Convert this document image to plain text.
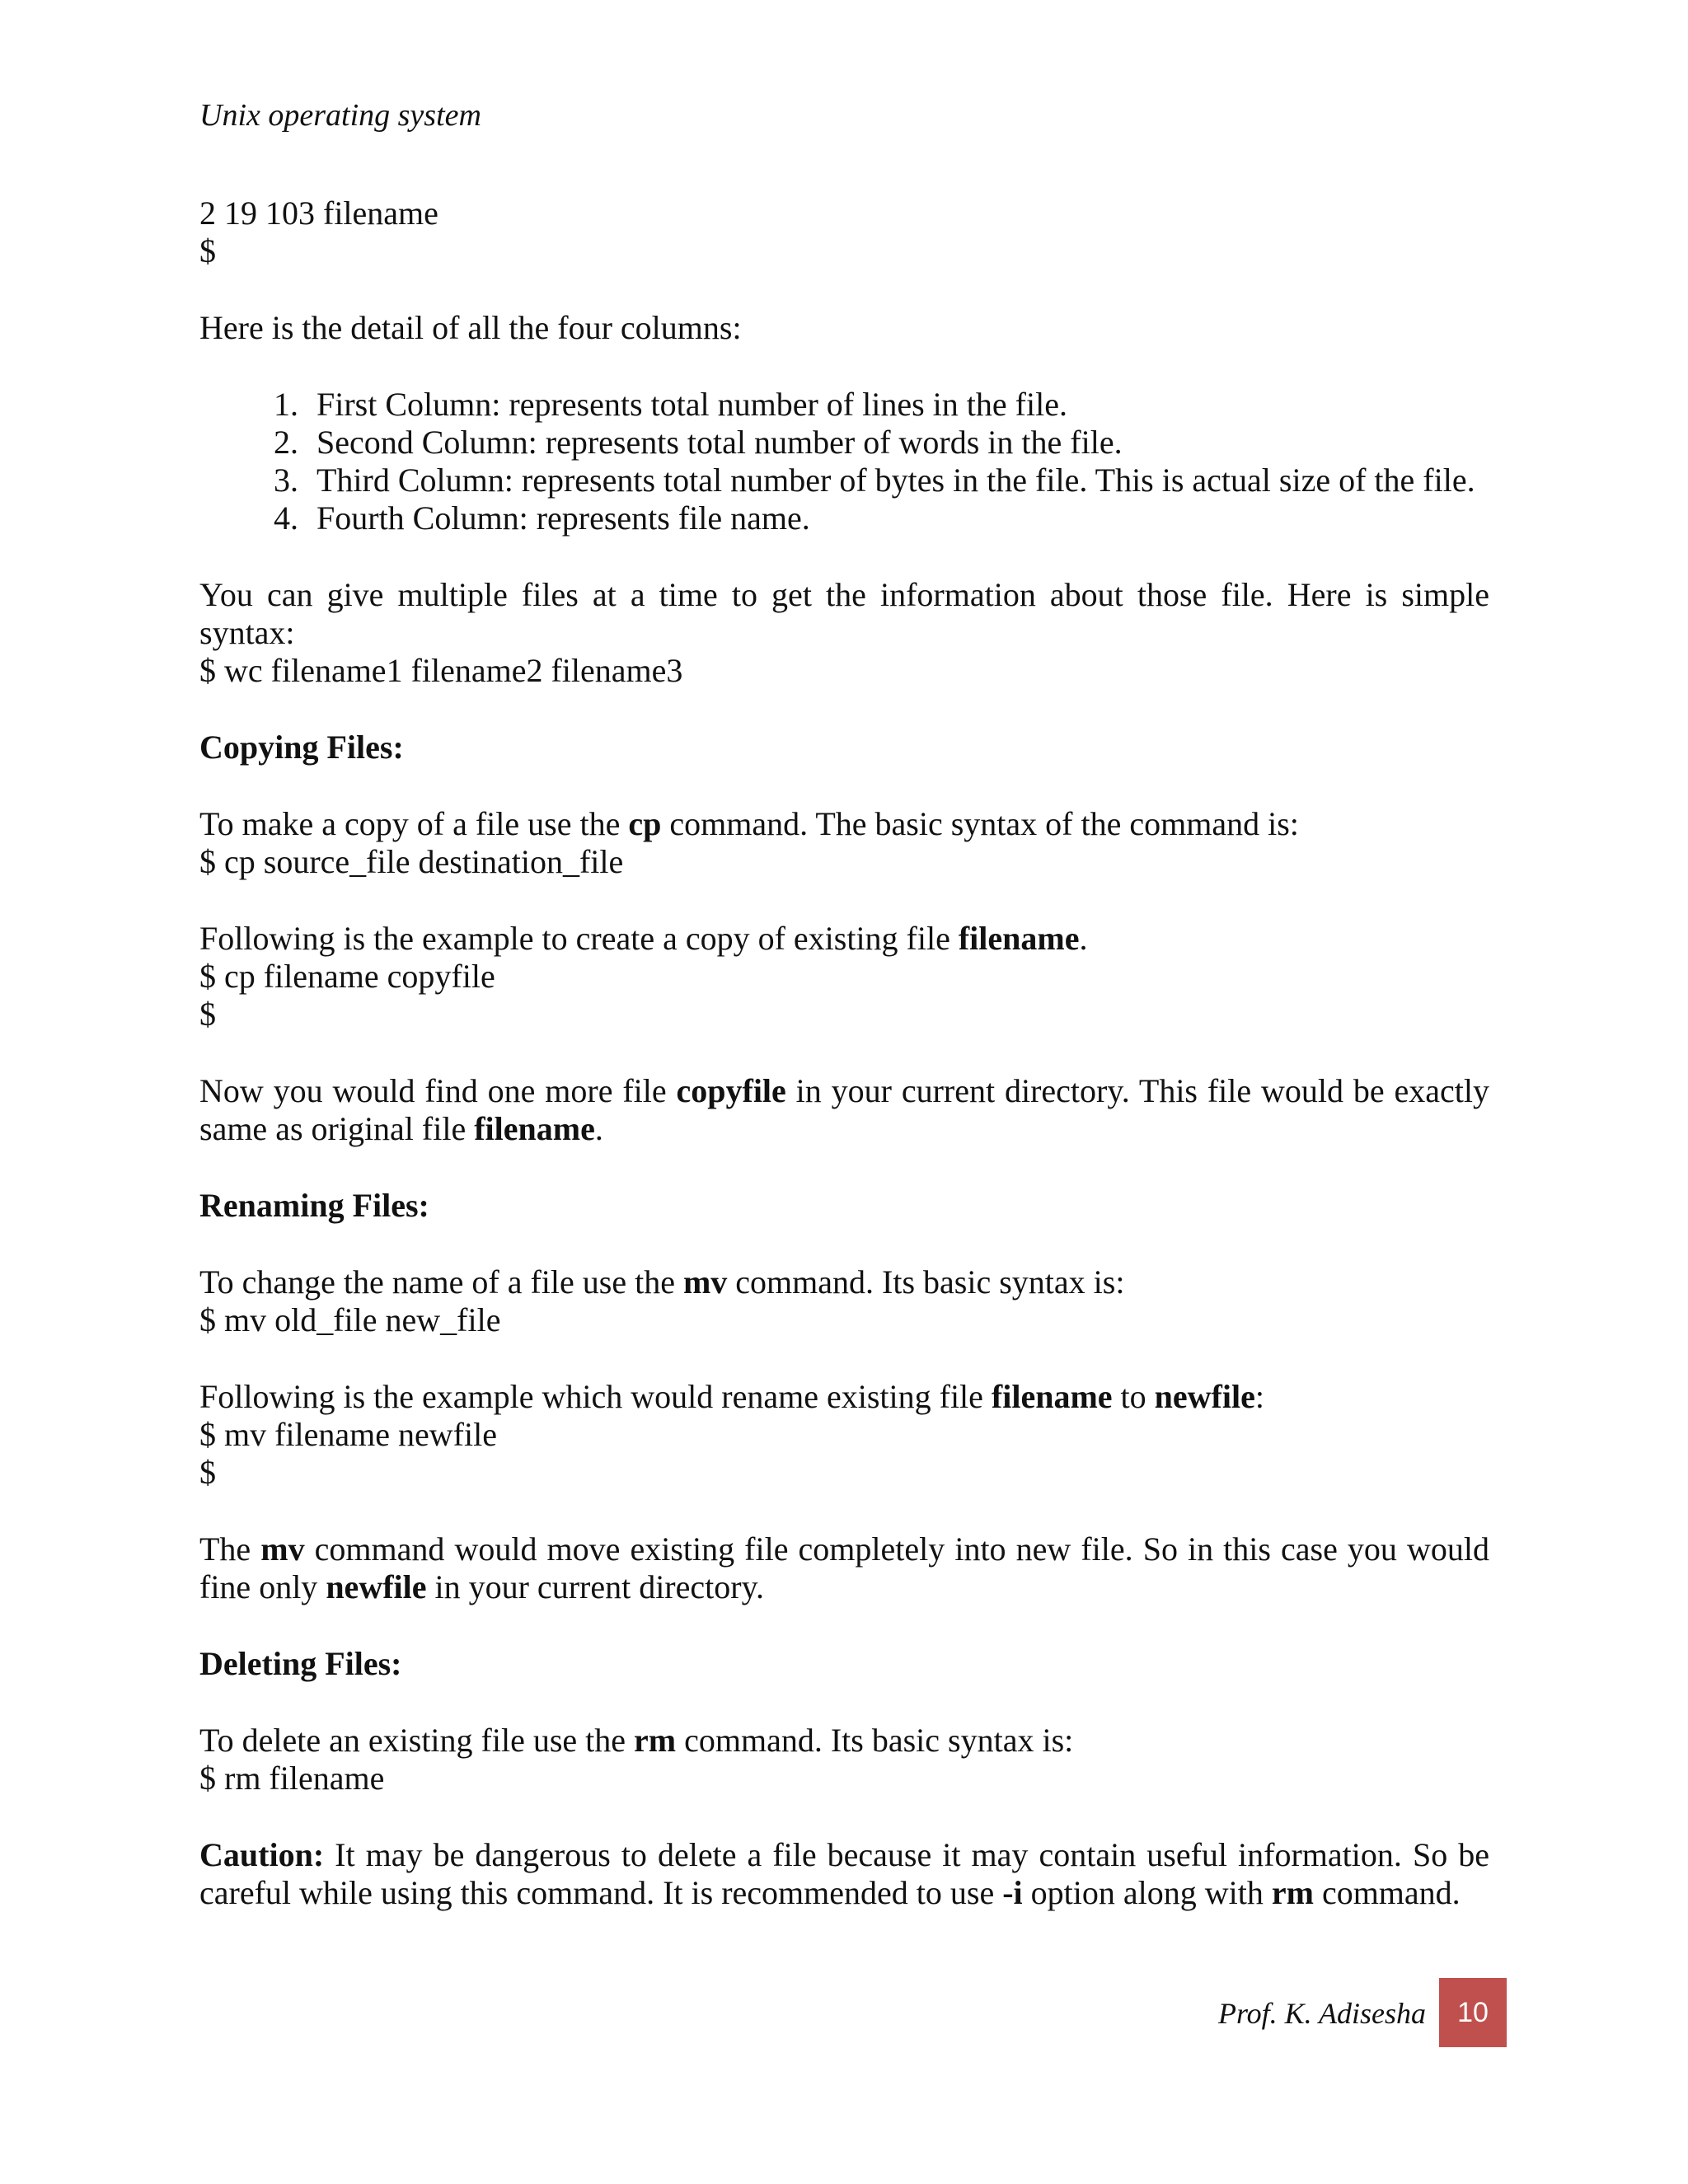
Unix operating system

2 19 103 filename

$

Here is the detail of all the four columns:

1. First Column: represents total number of lines in the file.
2. Second Column: represents total number of words in the file.
3. Third Column: represents total number of bytes in the file. This is actual size of the file.
4. Fourth Column: represents file name.

You can give multiple files at a time to get the information about those file. Here is simple syntax:

$ wc filename1 filename2 filename3

Copying Files:

To make a copy of a file use the cp command. The basic syntax of the command is:

$ cp source_file destination_file

Following is the example to create a copy of existing file filename.

$ cp filename copyfile

$

Now you would find one more file copyfile in your current directory. This file would be exactly same as original file filename.

Renaming Files:

To change the name of a file use the mv command. Its basic syntax is:

$ mv old_file new_file

Following is the example which would rename existing file filename to newfile:

$ mv filename newfile

$

The mv command would move existing file completely into new file. So in this case you would fine only newfile in your current directory.

Deleting Files:

To delete an existing file use the rm command. Its basic syntax is:

$ rm filename

Caution: It may be dangerous to delete a file because it may contain useful information. So be careful while using this command. It is recommended to use -i option along with rm command.

Prof. K. Adisesha	10
